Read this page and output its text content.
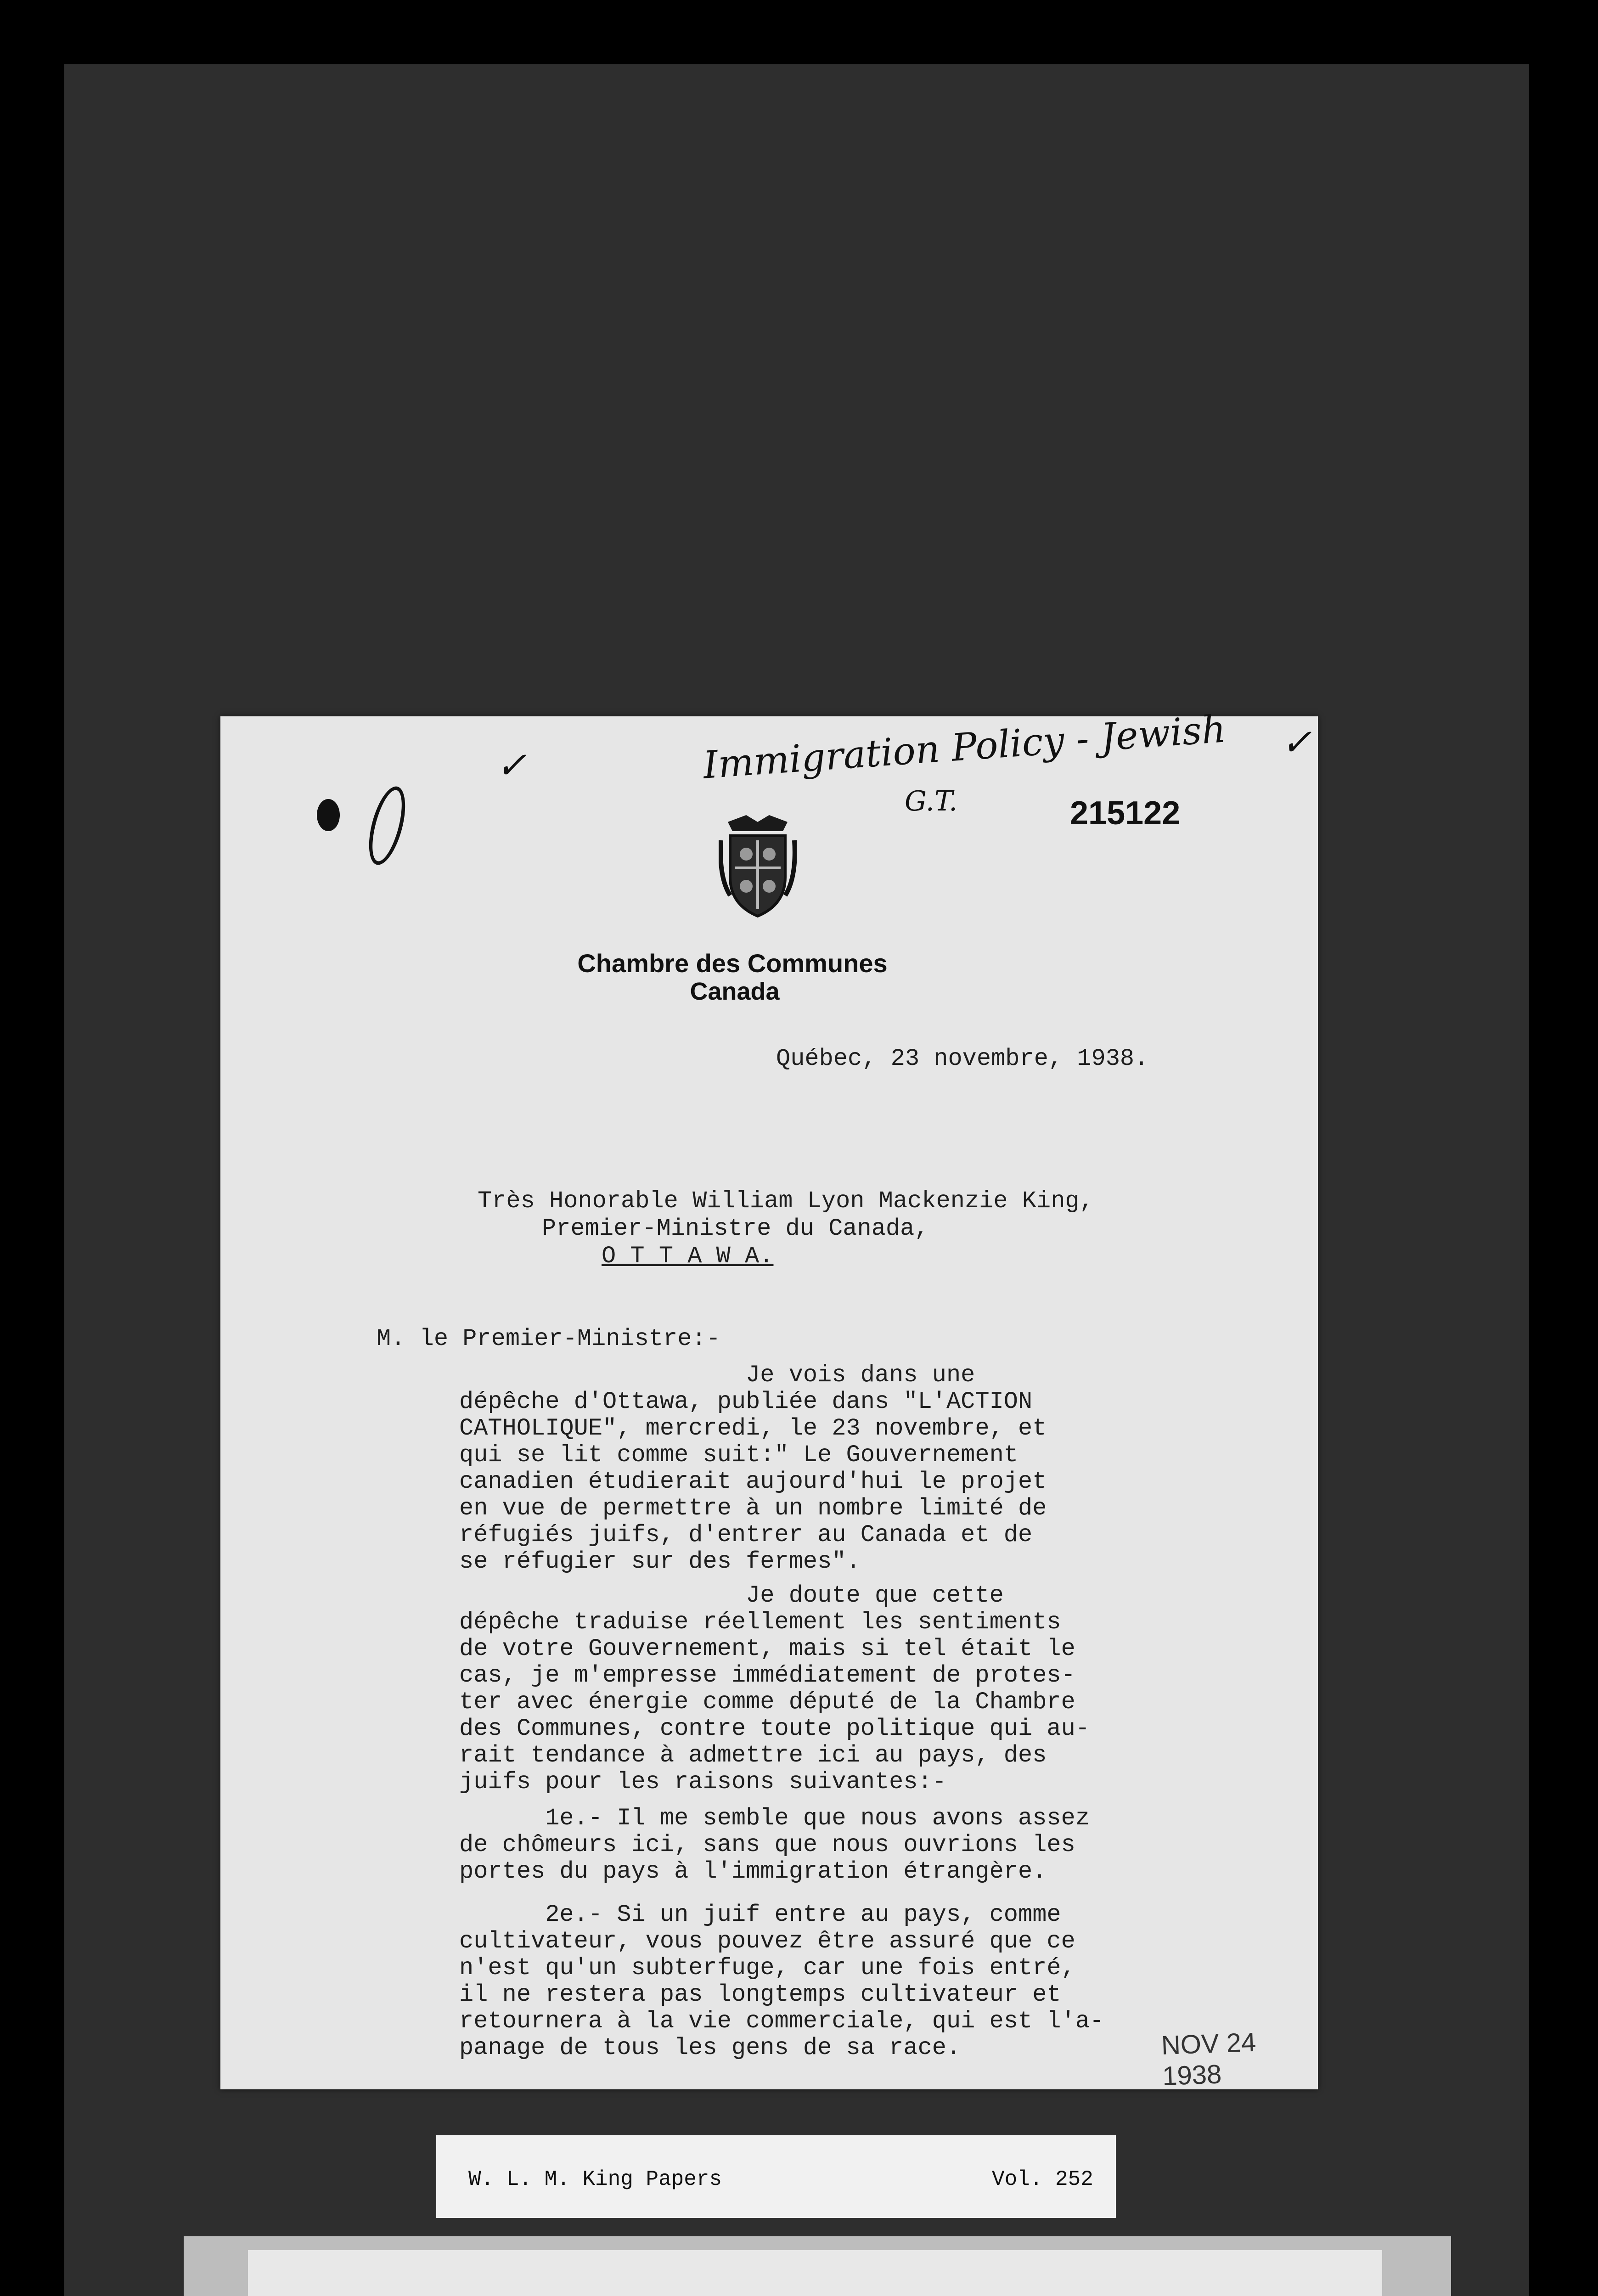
✓	Immigration Policy - Jewish ✓
G.T.	215122
Chambre des Communes
Canada
Québec, 23 novembre, 1938.
Très Honorable William Lyon Mackenzie King,
Premier-Ministre du Canada,
O T T A W A.
M. le Premier-Ministre:-
Je vois dans une
dépêche d'Ottawa, publiée dans "L'ACTION
CATHOLIQUE", mercredi, le 23 novembre, et
qui se lit comme suit:" Le Gouvernement
canadien étudierait aujourd'hui le projet
en vue de permettre à un nombre limité de
réfugiés juifs, d'entrer au Canada et de
se réfugier sur des fermes".
Je doute que cette
dépêche traduise réellement les sentiments
de votre Gouvernement, mais si tel était le
cas, je m'empresse immédiatement de protes-
ter avec énergie comme député de la Chambre
des Communes, contre toute politique qui au-
rait tendance à admettre ici au pays, des
juifs pour les raisons suivantes:-
1e.- Il me semble que nous avons assez
de chômeurs ici, sans que nous ouvrions les
portes du pays à l'immigration étrangère.
2e.- Si un juif entre au pays, comme
cultivateur, vous pouvez être assuré que ce
n'est qu'un subterfuge, car une fois entré,
il ne restera pas longtemps cultivateur et
retournera à la vie commerciale, qui est l'a-
panage de tous les gens de sa race.	NOV 24 1938
W. L. M. King Papers	Vol. 252
